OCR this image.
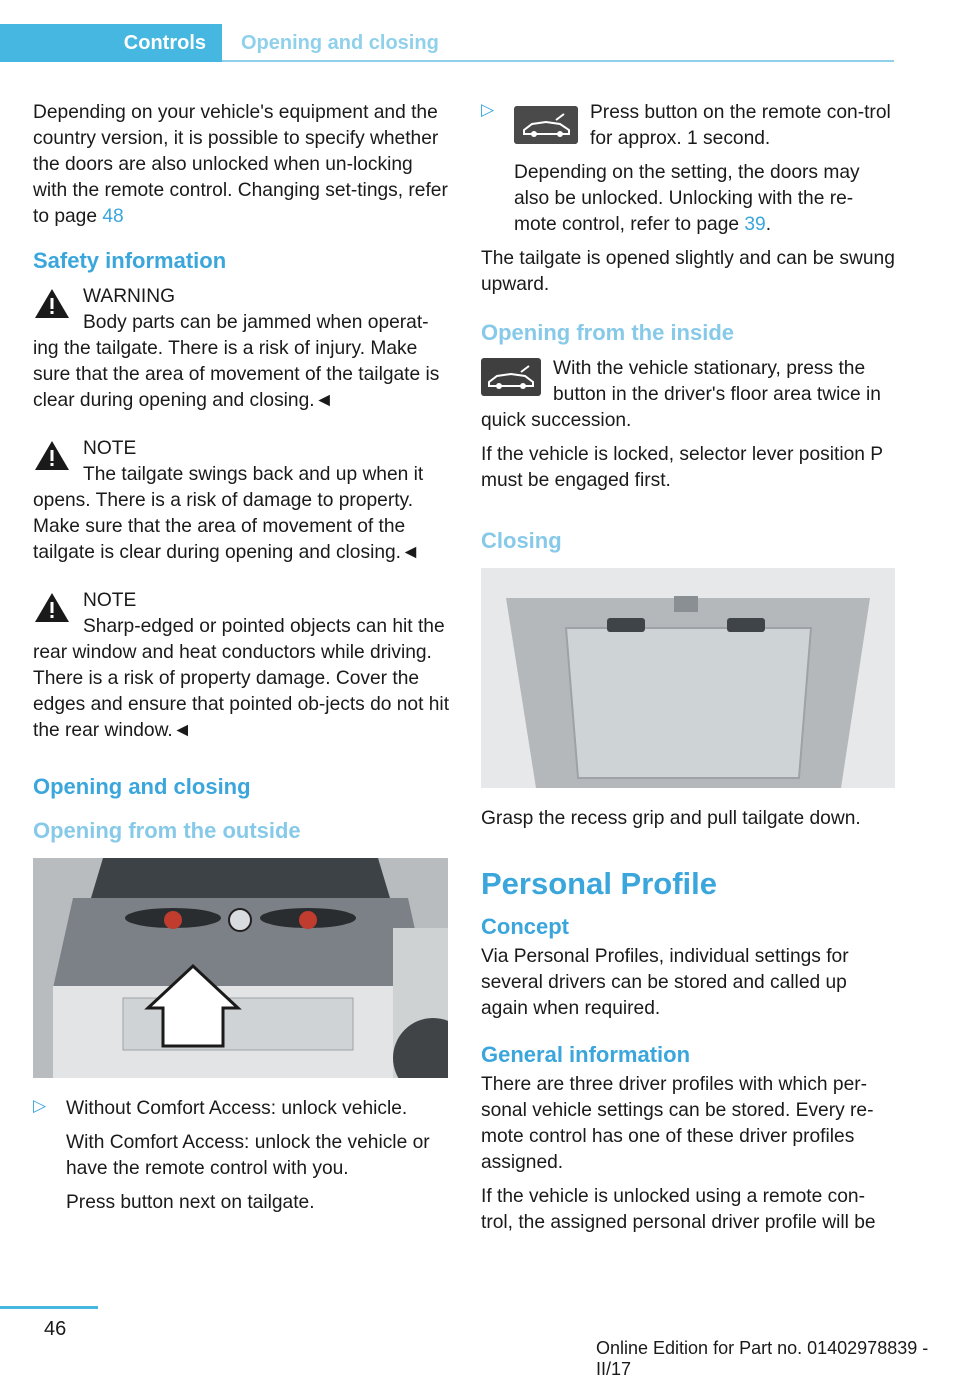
Controls Opening and closing

Depending on your vehicle's equipment and the country version, it is possible to specify whether the doors are also unlocked when un-locking with the remote control. Changing set-tings, refer to page 48

Safety information

WARNING
Body parts can be jammed when operat-ing the tailgate. There is a risk of injury. Make sure that the area of movement of the tailgate is clear during opening and closing.◄

NOTE
The tailgate swings back and up when it opens. There is a risk of damage to property. Make sure that the area of movement of the tailgate is clear during opening and closing.◄

NOTE
Sharp-edged or pointed objects can hit the rear window and heat conductors while driving. There is a risk of property damage. Cover the edges and ensure that pointed ob-jects do not hit the rear window.◄

Opening and closing
Opening from the outside
▷ Without Comfort Access: unlock vehicle.

With Comfort Access: unlock the vehicle or have the remote control with you.

Press button next on tailgate.

▷	Press button on the remote con-trol for approx. 1 second.

Depending on the setting, the doors may also be unlocked. Unlocking with the re-mote control, refer to page 39.

The tailgate is opened slightly and can be swung upward.

Opening from the inside

With the vehicle stationary, press the button in the driver's floor area twice in quick succession.

If the vehicle is locked, selector lever position P must be engaged first.

Closing

Grasp the recess grip and pull tailgate down.

Personal Profile
Concept

Via Personal Profiles, individual settings for several drivers can be stored and called up again when required.

General information

There are three driver profiles with which per-sonal vehicle settings can be stored. Every re-mote control has one of these driver profiles assigned.

If the vehicle is unlocked using a remote con-trol, the assigned personal driver profile will be

46
Online Edition for Part no. 01402978839 - II/17
